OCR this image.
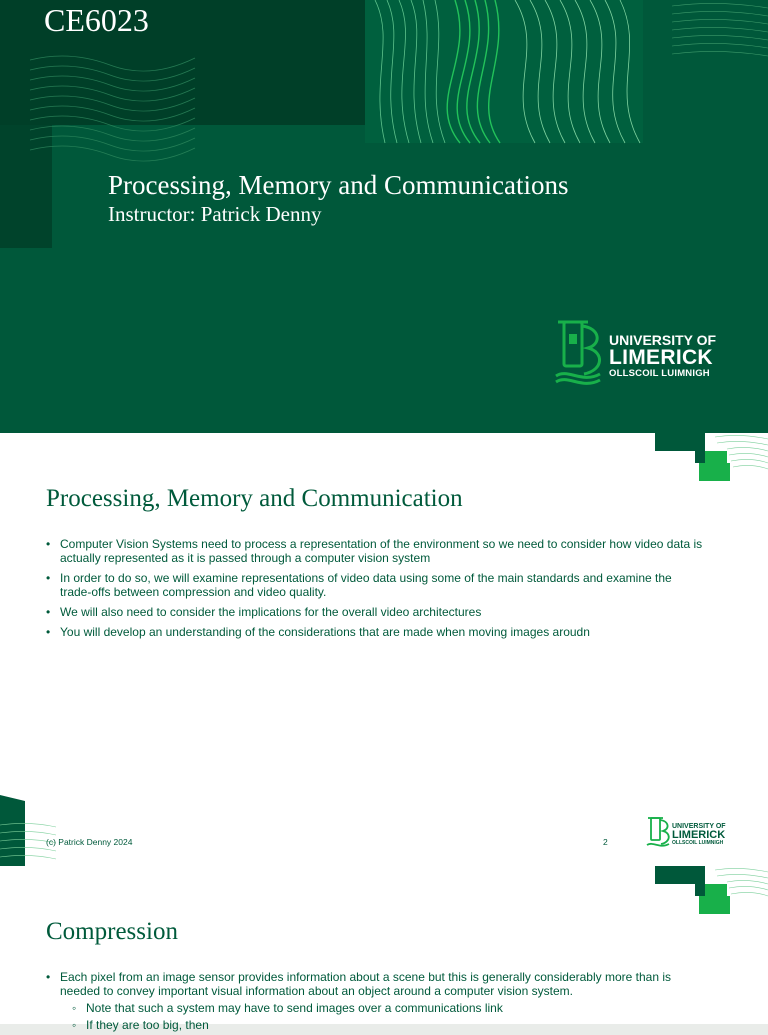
CE6023
Processing, Memory and Communications
Instructor: Patrick Denny
UNIVERSITY OF
LIMERICK
OLLSCOIL LUIMNIGH
Processing, Memory and Communication
• Computer Vision Systems need to process a representation of the environment so we need to consider how video data is actually represented as it is passed through a computer vision system
• In order to do so, we will examine representations of video data using some of the main standards and examine the trade-offs between compression and video quality.
• We will also need to consider the implications for the overall video architectures
• You will develop an understanding of the considerations that are made when moving images aroudn
(c) Patrick Denny 2024	2
UNIVERSITY OF
LIMERICK
OLLSCOIL LUIMNIGH
Compression
• Each pixel from an image sensor provides information about a scene but this is generally considerably more than is needed to convey important visual information about an object around a computer vision system.
◦ Note that such a system may have to send images over a communications link
◦ If they are too big, then
